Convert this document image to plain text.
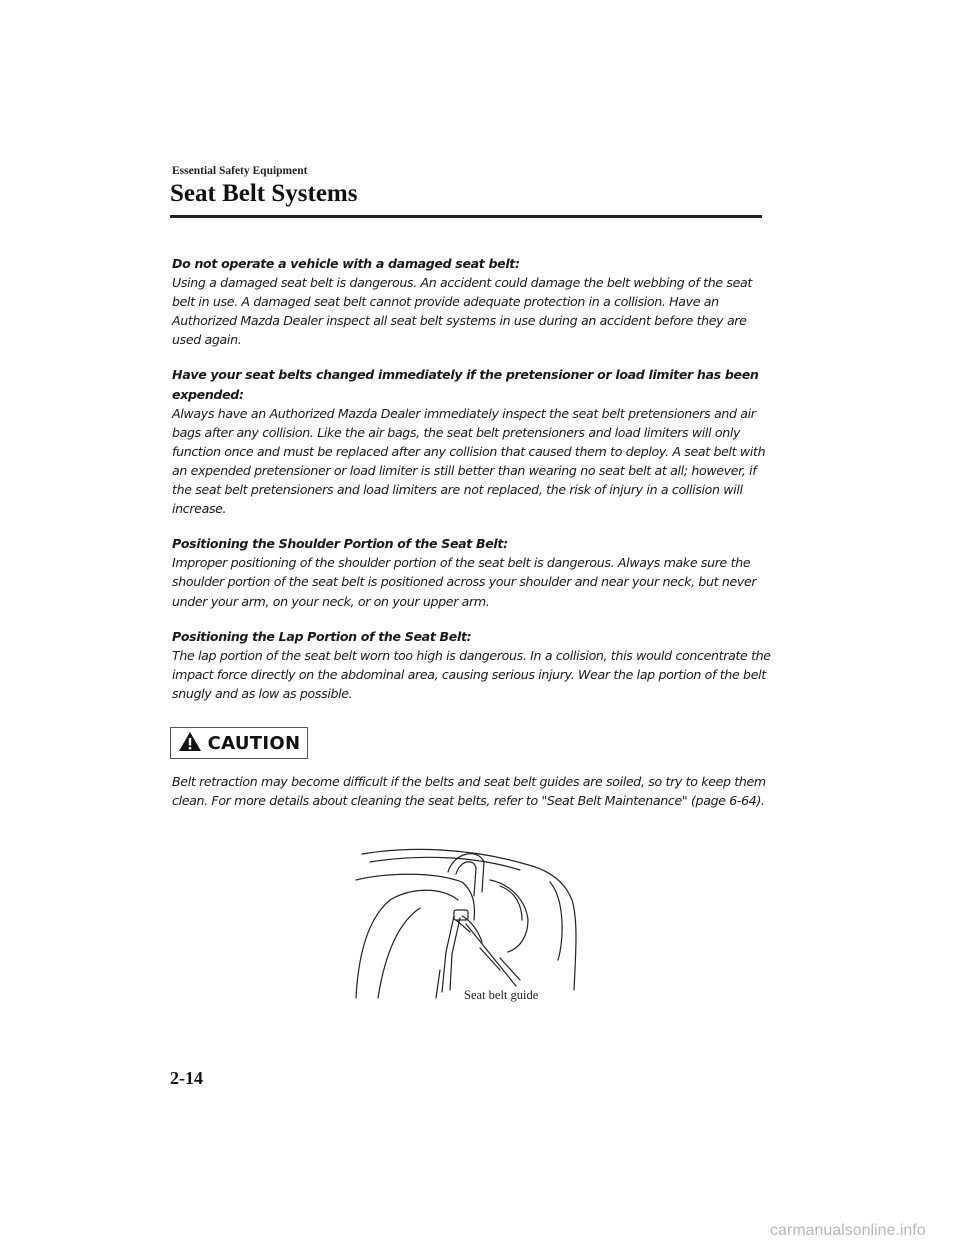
Essential Safety Equipment
Seat Belt Systems
Do not operate a vehicle with a damaged seat belt:

Using a damaged seat belt is dangerous. An accident could damage the belt webbing of the seat belt in use. A damaged seat belt cannot provide adequate protection in a collision. Have an Authorized Mazda Dealer inspect all seat belt systems in use during an accident before they are used again.

Have your seat belts changed immediately if the pretensioner or load limiter has been expended:

Always have an Authorized Mazda Dealer immediately inspect the seat belt pretensioners and air bags after any collision. Like the air bags, the seat belt pretensioners and load limiters will only function once and must be replaced after any collision that caused them to deploy. A seat belt with an expended pretensioner or load limiter is still better than wearing no seat belt at all; however, if the seat belt pretensioners and load limiters are not replaced, the risk of injury in a collision will increase.

Positioning the Shoulder Portion of the Seat Belt:

Improper positioning of the shoulder portion of the seat belt is dangerous. Always make sure the shoulder portion of the seat belt is positioned across your shoulder and near your neck, but never under your arm, on your neck, or on your upper arm.

Positioning the Lap Portion of the Seat Belt:

The lap portion of the seat belt worn too high is dangerous. In a collision, this would concentrate the impact force directly on the abdominal area, causing serious injury. Wear the lap portion of the belt snugly and as low as possible.

CAUTION

Belt retraction may become difficult if the belts and seat belt guides are soiled, so try to keep them clean. For more details about cleaning the seat belts, refer to "Seat Belt Maintenance" (page 6-64).

Seat belt guide
2-14
carmanualsonline.info
